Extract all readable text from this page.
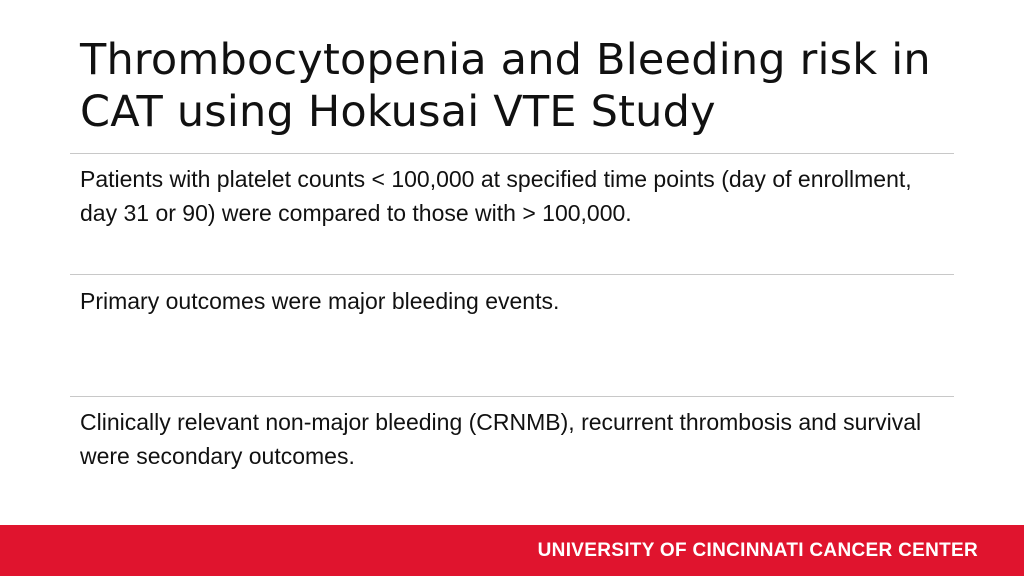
Thrombocytopenia and Bleeding risk in CAT using Hokusai VTE Study

Patients with platelet counts < 100,000 at specified time points (day of enrollment, day 31 or 90) were compared to those with > 100,000.

Primary outcomes were major bleeding events.

Clinically relevant non-major bleeding (CRNMB), recurrent thrombosis and survival were secondary outcomes.

UNIVERSITY OF CINCINNATI CANCER CENTER
